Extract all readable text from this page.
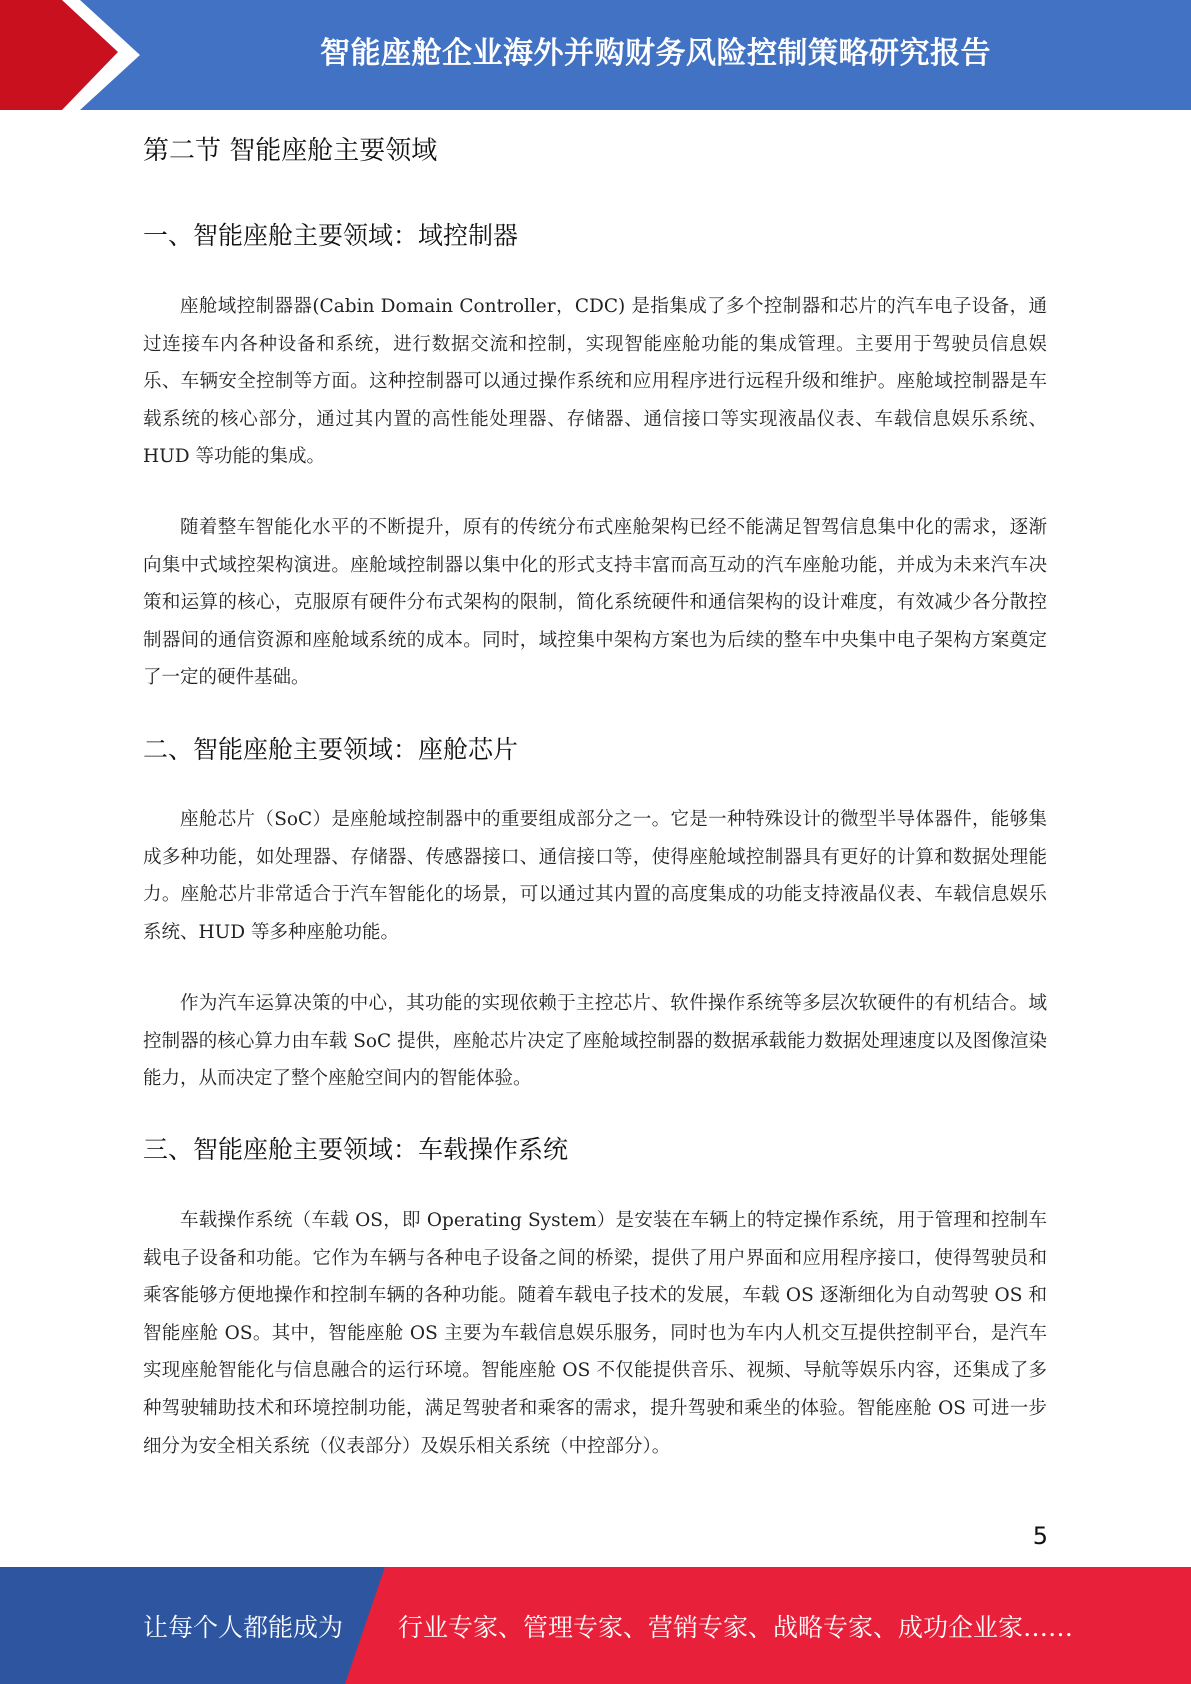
智能座舱企业海外并购财务风险控制策略研究报告
第二节 智能座舱主要领域
一、智能座舱主要领域：域控制器

座舱域控制器器(Cabin Domain Controller，CDC) 是指集成了多个控制器和芯片的汽车电子设备，通过连接车内各种设备和系统，进行数据交流和控制，实现智能座舱功能的集成管理。主要用于驾驶员信息娱乐、车辆安全控制等方面。这种控制器可以通过操作系统和应用程序进行远程升级和维护。座舱域控制器是车载系统的核心部分，通过其内置的高性能处理器、存储器、通信接口等实现液晶仪表、车载信息娱乐系统、HUD 等功能的集成。

随着整车智能化水平的不断提升，原有的传统分布式座舱架构已经不能满足智驾信息集中化的需求，逐渐向集中式域控架构演进。座舱域控制器以集中化的形式支持丰富而高互动的汽车座舱功能，并成为未来汽车决策和运算的核心，克服原有硬件分布式架构的限制，简化系统硬件和通信架构的设计难度，有效减少各分散控制器间的通信资源和座舱域系统的成本。同时，域控集中架构方案也为后续的整车中央集中电子架构方案奠定了一定的硬件基础。

二、智能座舱主要领域：座舱芯片

座舱芯片（SoC）是座舱域控制器中的重要组成部分之一。它是一种特殊设计的微型半导体器件，能够集成多种功能，如处理器、存储器、传感器接口、通信接口等，使得座舱域控制器具有更好的计算和数据处理能力。座舱芯片非常适合于汽车智能化的场景，可以通过其内置的高度集成的功能支持液晶仪表、车载信息娱乐系统、HUD 等多种座舱功能。

作为汽车运算决策的中心，其功能的实现依赖于主控芯片、软件操作系统等多层次软硬件的有机结合。域控制器的核心算力由车载 SoC 提供，座舱芯片决定了座舱域控制器的数据承载能力数据处理速度以及图像渲染能力，从而决定了整个座舱空间内的智能体验。

三、智能座舱主要领域：车载操作系统

车载操作系统（车载 OS，即 Operating System）是安装在车辆上的特定操作系统，用于管理和控制车载电子设备和功能。它作为车辆与各种电子设备之间的桥梁，提供了用户界面和应用程序接口，使得驾驶员和乘客能够方便地操作和控制车辆的各种功能。随着车载电子技术的发展，车载 OS 逐渐细化为自动驾驶 OS 和智能座舱 OS。其中，智能座舱 OS 主要为车载信息娱乐服务，同时也为车内人机交互提供控制平台，是汽车实现座舱智能化与信息融合的运行环境。智能座舱 OS 不仅能提供音乐、视频、导航等娱乐内容，还集成了多种驾驶辅助技术和环境控制功能，满足驾驶者和乘客的需求，提升驾驶和乘坐的体验。智能座舱 OS 可进一步细分为安全相关系统（仪表部分）及娱乐相关系统（中控部分）。

5
让每个人都能成为 行业专家、管理专家、营销专家、战略专家、成功企业家……
